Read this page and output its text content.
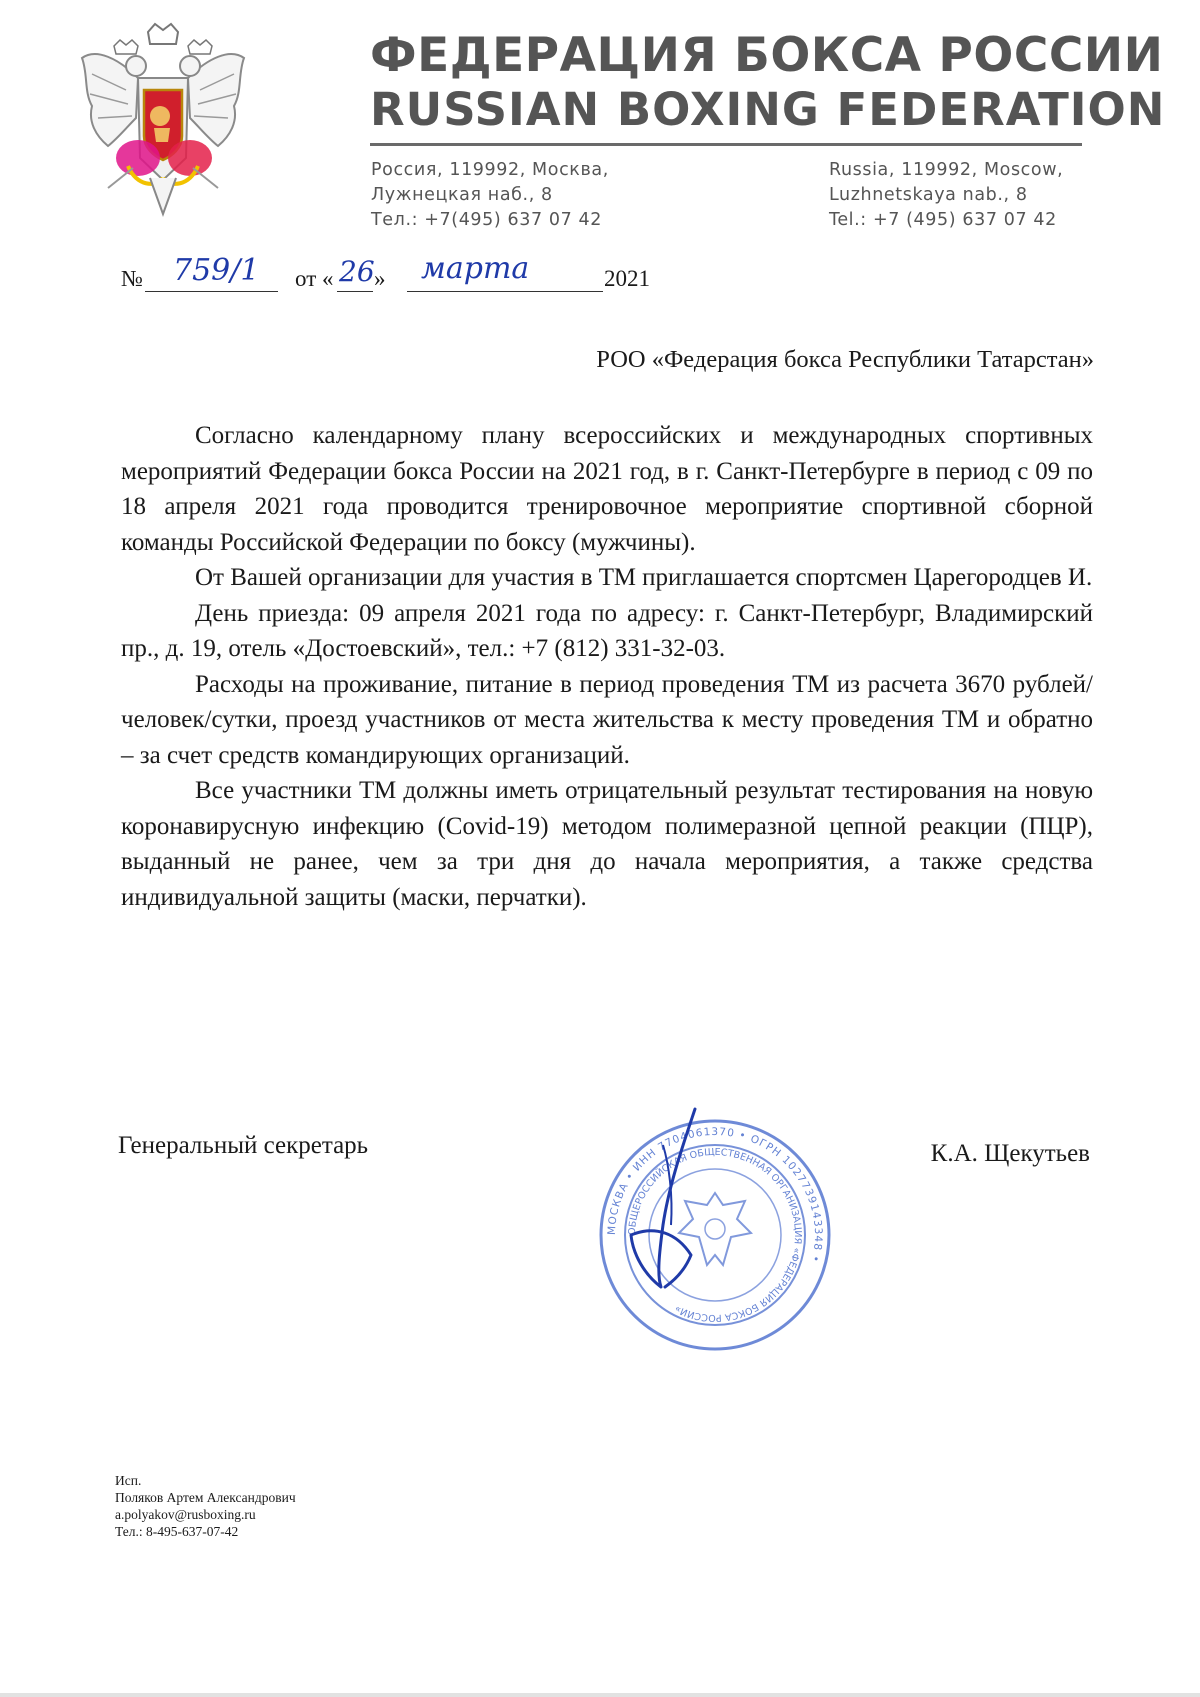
ФЕДЕРАЦИЯ БОКСА РОССИИ
RUSSIAN BOXING FEDERATION
Россия, 119992, Москва,
Лужнецкая наб., 8
Тел.: +7(495) 637 07 42
Russia, 119992, Moscow,
Luzhnetskaya nab., 8
Tel.: +7 (495) 637 07 42
№ 759/1 от « 26 » марта	2021
РОО «Федерация бокса Республики Татарстан»

Согласно календарному плану всероссийских и международных спортивных мероприятий Федерации бокса России на 2021 год, в г. Санкт-Петербурге в период с 09 по 18 апреля 2021 года проводится тренировочное мероприятие спортивной сборной команды Российской Федерации по боксу (мужчины).

От Вашей организации для участия в ТМ приглашается спортсмен Царегородцев И.

День приезда: 09 апреля 2021 года по адресу: г. Санкт-Петербург, Владимирский пр., д. 19, отель «Достоевский», тел.: +7 (812) 331-32-03.

Расходы на проживание, питание в период проведения ТМ из расчета 3670 рублей/человек/сутки, проезд участников от места жительства к месту проведения ТМ и обратно – за счет средств командирующих организаций.

Все участники ТМ должны иметь отрицательный результат тестирования на новую коронавирусную инфекцию (Covid-19) методом полимеразной цепной реакции (ПЦР), выданный не ранее, чем за три дня до начала мероприятия, а также средства индивидуальной защиты (маски, перчатки).

Генеральный секретарь
МОСКВА • ИНН 7704061370 • ОГРН 1027739143348 •
ОБЩЕРОССИЙСКАЯ ОБЩЕСТВЕННАЯ ОРГАНИЗАЦИЯ «ФЕДЕРАЦИЯ БОКСА РОССИИ»
К.А. Щекутьев
Исп.
Поляков Артем Александрович
a.polyakov@rusboxing.ru
Тел.: 8-495-637-07-42
